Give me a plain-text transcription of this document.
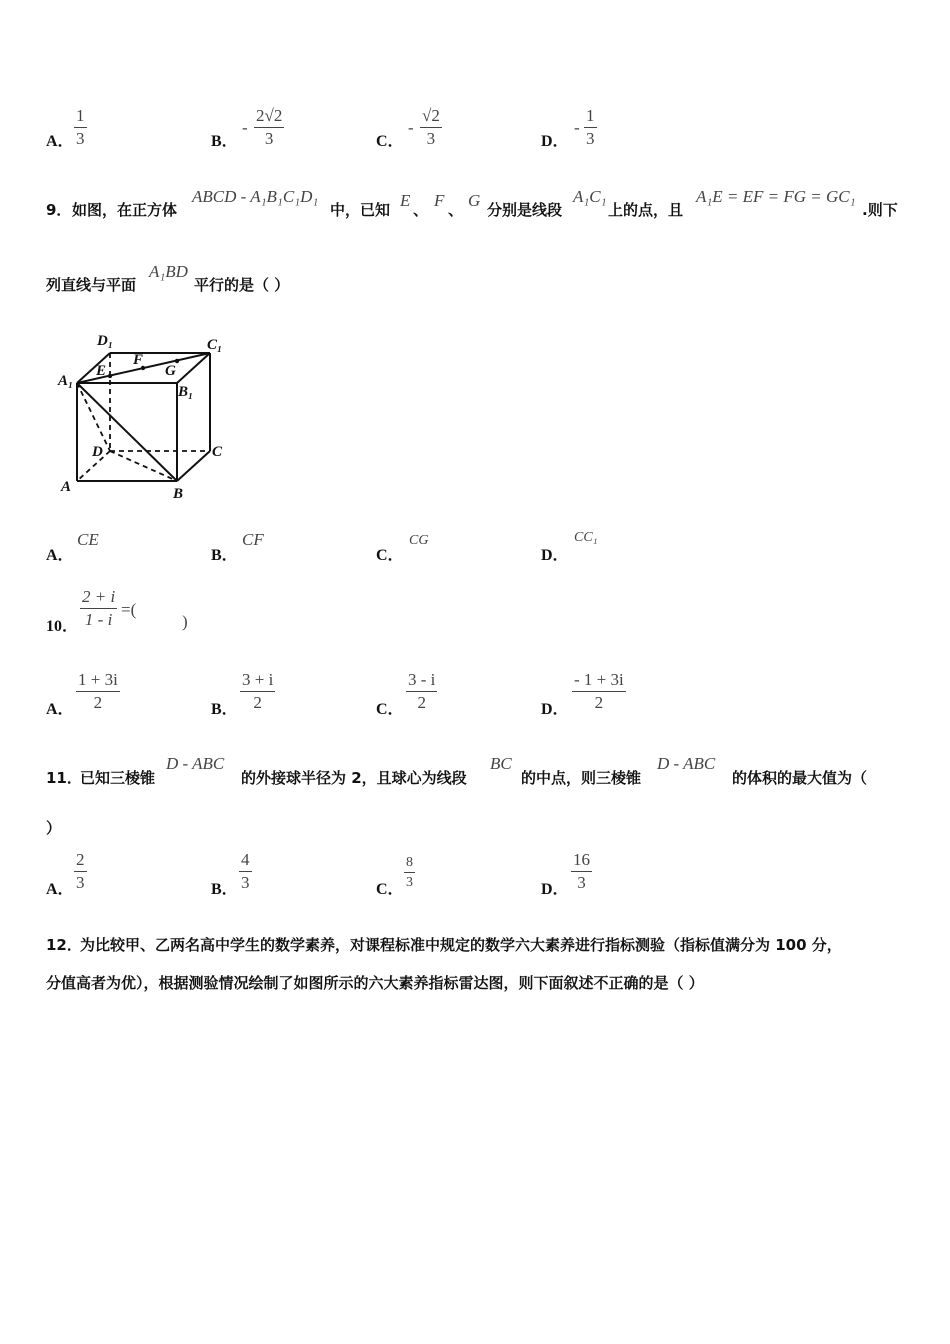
A．
1
3	B．
-
2√2
3	C．
-
√2
3	D．
-
1
3
9． 如图，在正方体
ABCD - A₁B₁C₁D₁
中，已知 E 、 F 、 G 分别是线段
A₁C₁
上的点，且
A₁E = EF = FG = GC₁
.则下
列直线与平面
A₁BD
平行的是（ ）
D₁	C₁
A₁
B₁
E
F
G
D	C
A	B
A．
CE
B．
CF
C．
CG
D．
CC₁
10．
2 + i
1 - i
=(
)
A．
1 + 3i
2	B．
3 + i
2	C．
3 - i
2	D．
- 1 + 3i
2
11．
已知三棱锥
D - ABC
的外接球半径为 2，且球心为线段
BC
的中点，则三棱锥
D - ABC
的体积的最大值为（
）
A．
2
3	B．
4
3	C．
8
3	D．
16
3
12．
为比较甲、乙两名高中学生的数学素养，对课程标准中规定的数学六大素养进行指标测验（指标值满分为 100 分，
分值高者为优），根据测验情况绘制了如图所示的六大素养指标雷达图，则下面叙述不正确的是（ ）
